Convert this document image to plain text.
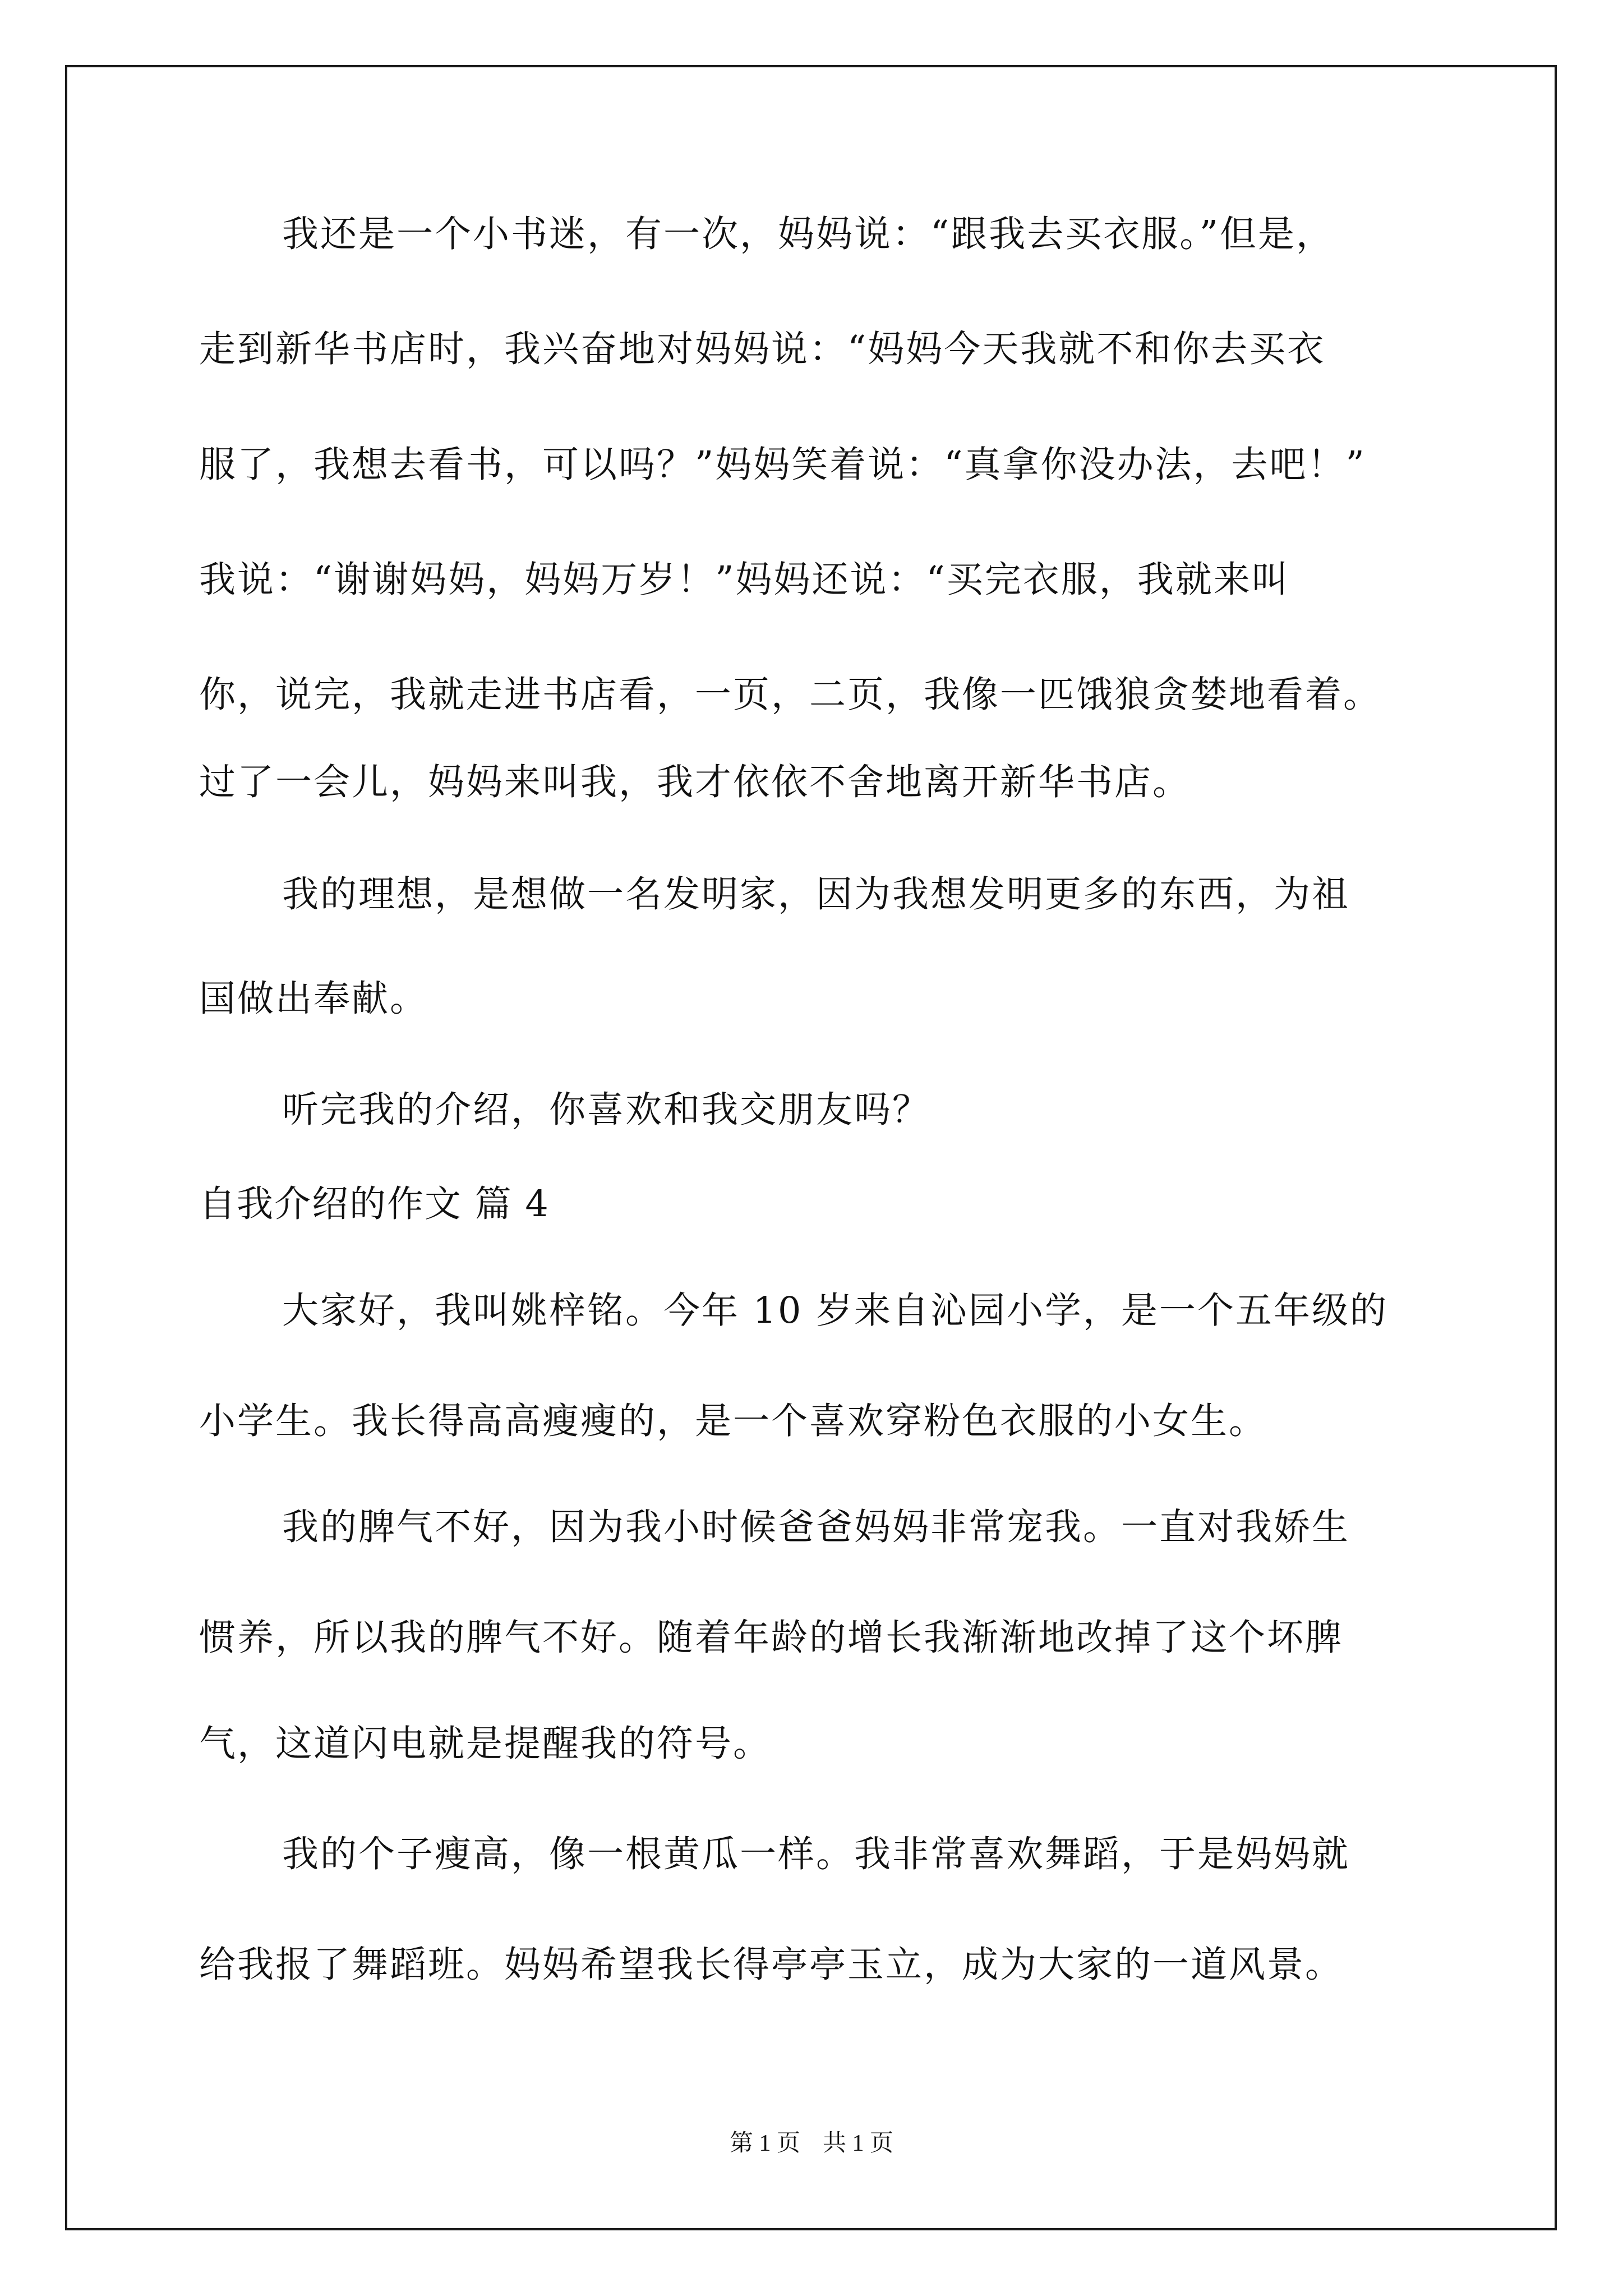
我还是一个小书迷，有一次，妈妈说：“跟我去买衣服。”但是，
走到新华书店时，我兴奋地对妈妈说：“妈妈今天我就不和你去买衣
服了，我想去看书，可以吗？”妈妈笑着说：“真拿你没办法，去吧！”
我说：“谢谢妈妈，妈妈万岁！”妈妈还说：“买完衣服，我就来叫
你，说完，我就走进书店看，一页，二页，我像一匹饿狼贪婪地看着。
过了一会儿，妈妈来叫我，我才依依不舍地离开新华书店。
我的理想，是想做一名发明家，因为我想发明更多的东西，为祖
国做出奉献。
听完我的介绍，你喜欢和我交朋友吗？
自我介绍的作文 篇 4
大家好，我叫姚梓铭。今年 10 岁来自沁园小学，是一个五年级的
小学生。我长得高高瘦瘦的，是一个喜欢穿粉色衣服的小女生。
我的脾气不好，因为我小时候爸爸妈妈非常宠我。一直对我娇生
惯养，所以我的脾气不好。随着年龄的增长我渐渐地改掉了这个坏脾
气，这道闪电就是提醒我的符号。
我的个子瘦高，像一根黄瓜一样。我非常喜欢舞蹈，于是妈妈就
给我报了舞蹈班。妈妈希望我长得亭亭玉立，成为大家的一道风景。
第 1 页 共 1 页
